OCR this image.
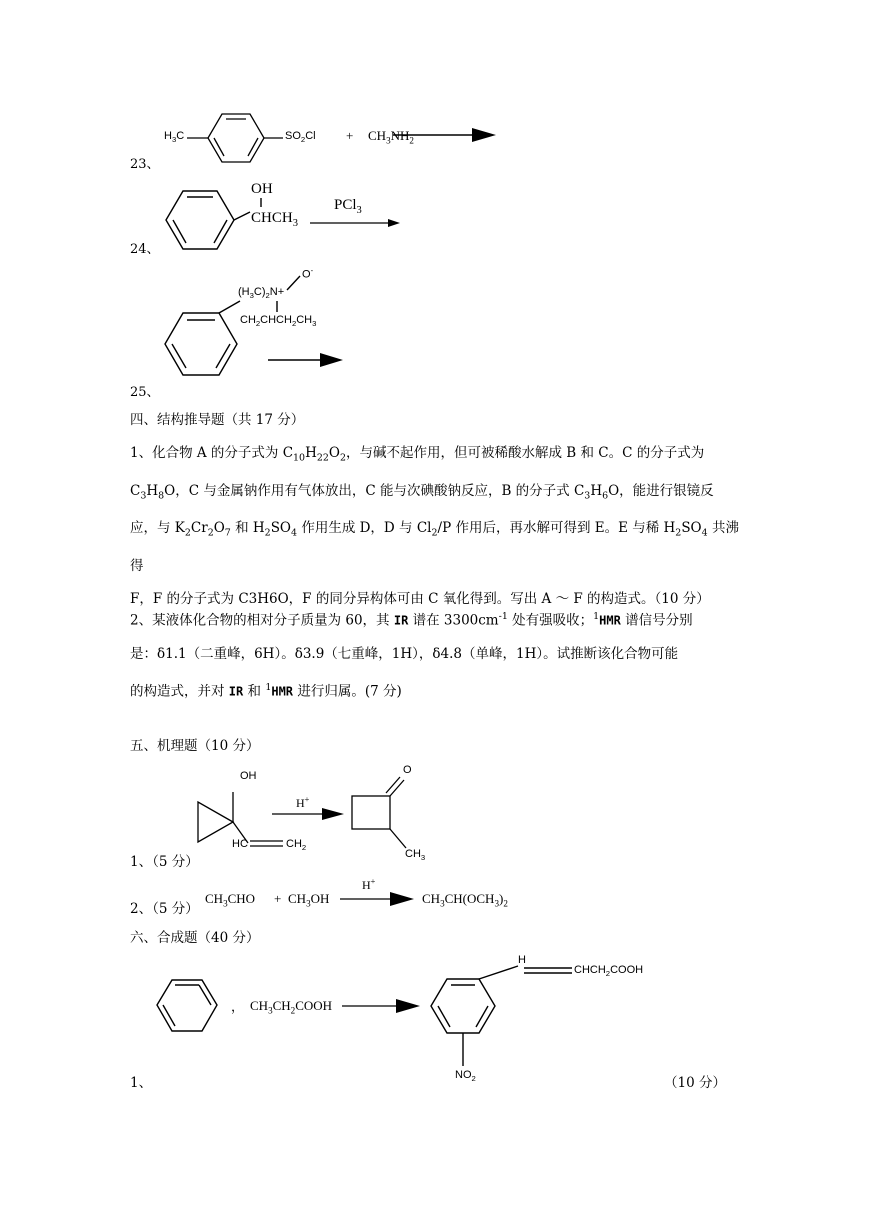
23、
$H_3C$	$SO_2Cl + CH_3NH_2$
24、
OH
$CHCH_3$
PCl$_3$
25、
O-
$(H_3C)_2N+$
$CH_2CHCH_2CH_3$
四、结构推导题（共 17 分）
1、化合物 A 的分子式为 $C_{10}H_{22}O_2$，与碱不起作用，但可被稀酸水解成 B 和 C。C 的分子式为
$C_3H_8O$，C 与金属钠作用有气体放出，C 能与次碘酸钠反应，B 的分子式 $C_3H_6O$，能进行银镜反
应，与 $K_2Cr_2O_7$ 和 $H_2SO_4$ 作用生成 D，D 与 $Cl_2/P$ 作用后，再水解可得到 E。E 与稀 $H_2SO_4$ 共沸得
F，F 的分子式为 C3H6O，F 的同分异构体可由 C 氧化得到。写出 A ～ F 的构造式。（10 分）
2、某液体化合物的相对分子质量为 60，其 IR 谱在 $3300cm^{-1}$ 处有强吸收；$^1$HMR 谱信号分别
是：δ1.1（二重峰，6H）。δ3.9（七重峰，1H），δ4.8（单峰，1H）。试推断该化合物可能
的构造式，并对 IR 和 $^1$HMR 进行归属。(7 分)
五、机理题（10 分）
OH
HC	$CH_2$
H+
O
$CH_3$
1、（5 分）
2、（5 分）
$CH_3CHO + CH_3OH$
H+
$CH_3CH(OCH_3)_2$
六、合成题（40 分）
， $CH_3CH_2COOH$
H
$CHCH_2COOH$
$NO_2$
1、	（10 分）
